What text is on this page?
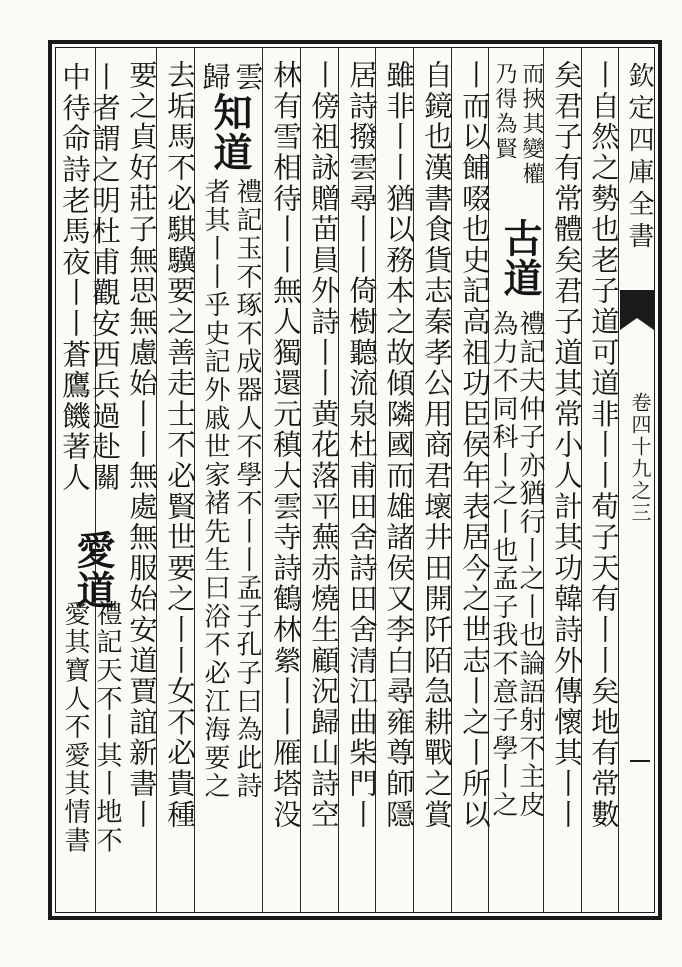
欽定四庫全書
卷四十九之三
丨自然之勢也老子道可道非丨丨荀子天有丨丨矣地有常數
矣君子有常體矣君子道其常小人計其功韓詩外傳懷其丨丨
而挾其變權
古道
禮記夫仲子亦猶行丨之丨也論語射不主皮
乃得為賢
為力不同科丨之丨也孟子我不意子學丨之
丨而以餔啜也史記高祖功臣侯年表居今之世志丨之丨所以
自鏡也漢書食貨志秦孝公用商君壞井田開阡陌急耕戰之賞
雖非丨丨猶以務本之故傾隣國而雄諸侯又李白尋雍尊師隱
居詩撥雲尋丨丨倚樹聽流泉杜甫田舍詩田舍清江曲柴門丨
丨傍祖詠贈苗員外詩丨丨黄花落平蕪赤燒生顧況歸山詩空
林有雪相待丨丨無人獨還元稹大雲寺詩鶴林縈丨丨雁塔没
雲
歸
知道
禮記玉不琢不成器人不學不丨丨孟子孔子曰為此詩
者其丨丨乎史記外戚世家褚先生曰浴不必江海要之
去垢馬不必騏驥要之善走士不必賢世要之丨丨女不必貴種
要之貞好莊子無思無慮始丨丨無處無服始安道賈誼新書丨
丨者謂之明杜甫觀安西兵過赴關
中待命詩老馬夜丨丨蒼鷹饑著人
愛道
禮記天不丨其丨地不
愛其寶人不愛其情書
